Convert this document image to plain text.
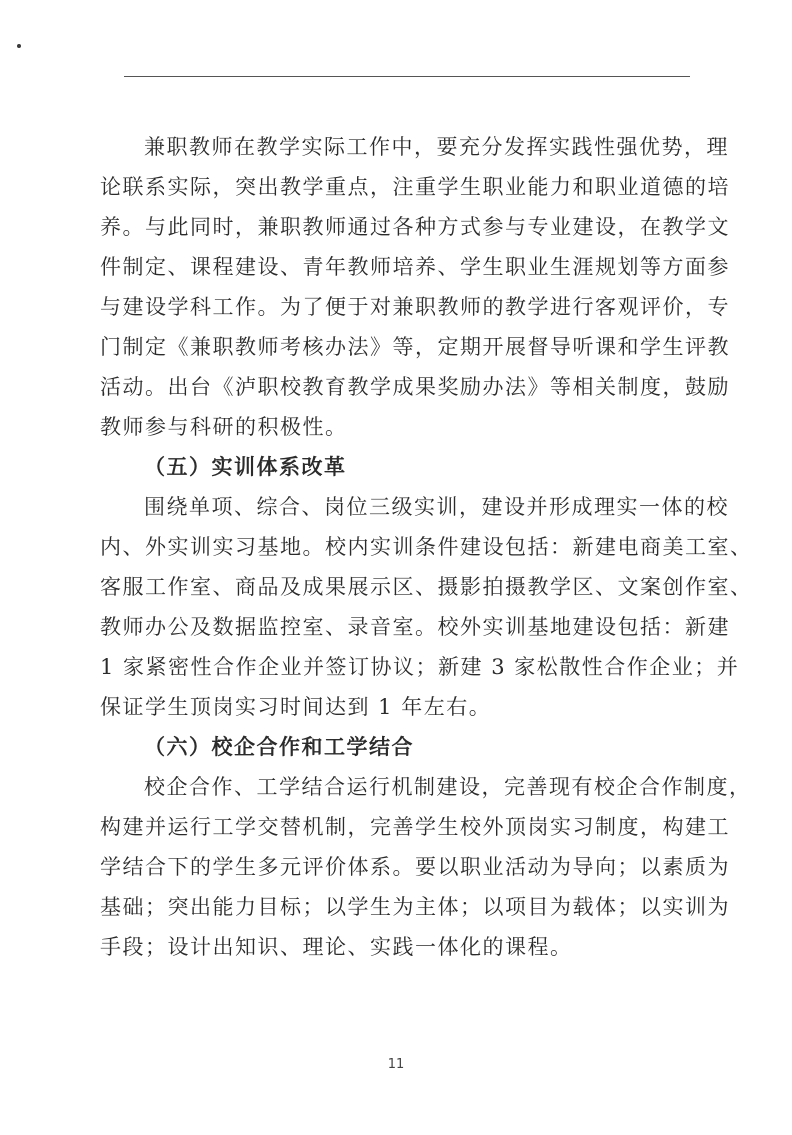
兼职教师在教学实际工作中，要充分发挥实践性强优势，理
论联系实际，突出教学重点，注重学生职业能力和职业道德的培
养。与此同时，兼职教师通过各种方式参与专业建设，在教学文
件制定、课程建设、青年教师培养、学生职业生涯规划等方面参
与建设学科工作。为了便于对兼职教师的教学进行客观评价，专
门制定《兼职教师考核办法》等，定期开展督导听课和学生评教
活动。出台《泸职校教育教学成果奖励办法》等相关制度，鼓励
教师参与科研的积极性。
（五）实训体系改革
围绕单项、综合、岗位三级实训，建设并形成理实一体的校
内、外实训实习基地。校内实训条件建设包括：新建电商美工室、
客服工作室、商品及成果展示区、摄影拍摄教学区、文案创作室、
教师办公及数据监控室、录音室。校外实训基地建设包括：新建
1 家紧密性合作企业并签订协议；新建 3 家松散性合作企业；并
保证学生顶岗实习时间达到 1 年左右。
（六）校企合作和工学结合
校企合作、工学结合运行机制建设，完善现有校企合作制度，
构建并运行工学交替机制，完善学生校外顶岗实习制度，构建工
学结合下的学生多元评价体系。要以职业活动为导向；以素质为
基础；突出能力目标；以学生为主体；以项目为载体；以实训为
手段；设计出知识、理论、实践一体化的课程。
11
